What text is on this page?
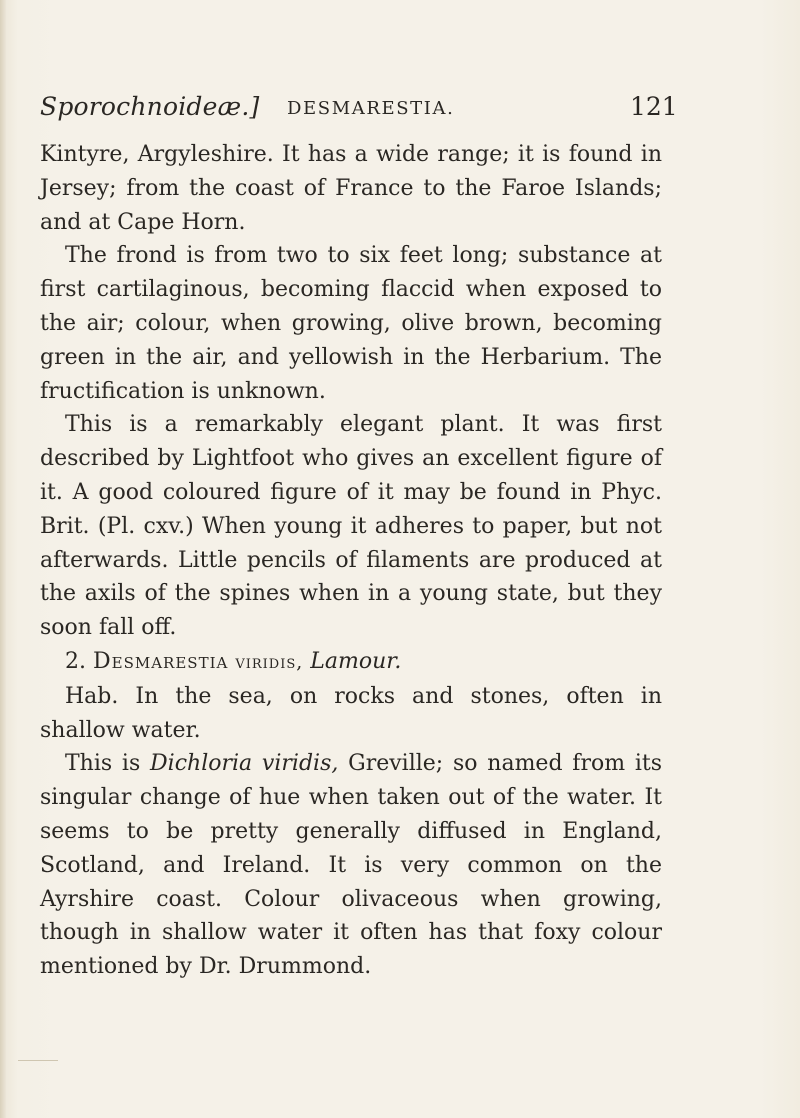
Sporochnoideæ.] DESMARESTIA.	121

Kintyre, Argyleshire. It has a wide range; it is found in Jersey; from the coast of France to the Faroe Islands; and at Cape Horn.

The frond is from two to six feet long; substance at first cartilaginous, becoming flaccid when exposed to the air; colour, when growing, olive brown, becoming green in the air, and yellowish in the Herbarium. The fructification is unknown.

This is a remarkably elegant plant. It was first described by Lightfoot who gives an excellent figure of it. A good coloured figure of it may be found in Phyc. Brit. (Pl. cxv.) When young it adheres to paper, but not afterwards. Little pencils of filaments are produced at the axils of the spines when in a young state, but they soon fall off.

2. Desmarestia viridis, Lamour.

Hab. In the sea, on rocks and stones, often in shallow water.

This is Dichloria viridis, Greville; so named from its singular change of hue when taken out of the water. It seems to be pretty generally diffused in England, Scotland, and Ireland. It is very common on the Ayrshire coast. Colour olivaceous when growing, though in shallow water it often has that foxy colour mentioned by Dr. Drummond.
